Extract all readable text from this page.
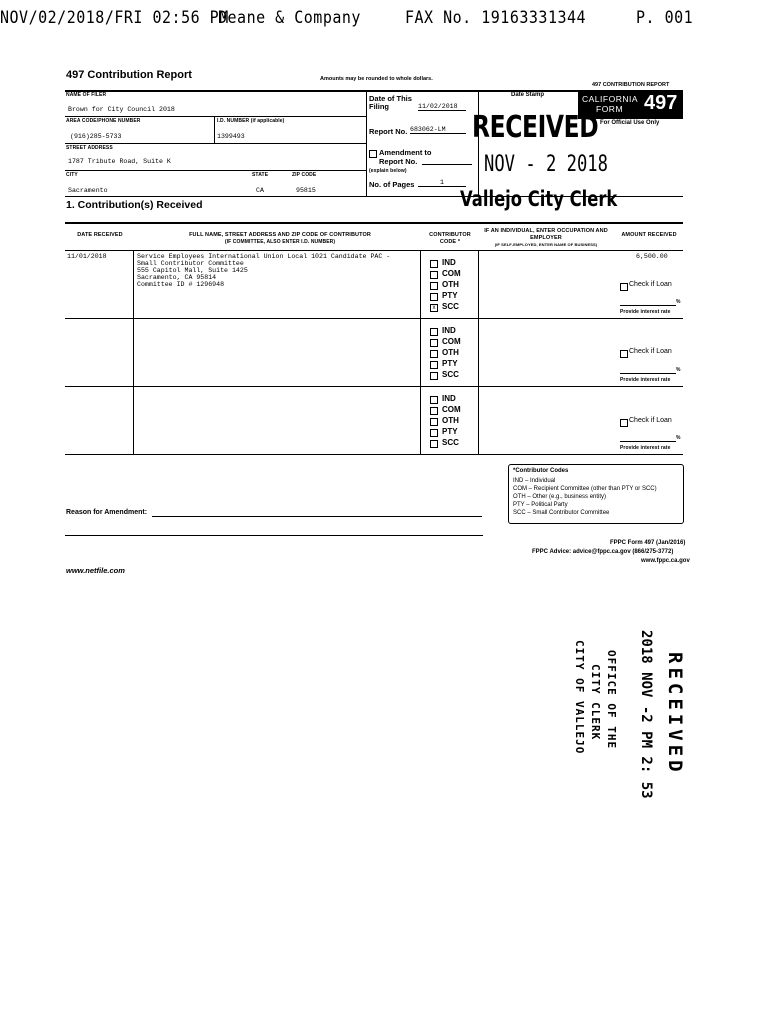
NOV/02/2018/FRI 02:56 PM
Deane & Company	FAX No. 19163331344	P. 001
497 Contribution Report	Amounts may be rounded to whole dollars.
497 CONTRIBUTION REPORT
NAME OF FILER
Brown for City Council 2018
AREA CODE/PHONE NUMBER
(916)285-5733
I.D. NUMBER (if applicable)
1399493
STREET ADDRESS
1787 Tribute Road, Suite K
CITY	STATE	ZIP CODE
Sacramento	CA	95815
Date of This Filing	11/02/2018
Report No. 683062-LM
Amendment to Report No.
(explain below)
No. of Pages	1
Date Stamp	CALIFORNIA
FORM 497
For Official Use Only
RECEIVED
NOV - 2 2018
Vallejo City Clerk
1. Contribution(s) Received
DATE RECEIVED	FULL NAME, STREET ADDRESS AND ZIP CODE OF CONTRIBUTOR
(IF COMMITTEE, ALSO ENTER I.D. NUMBER)
CONTRIBUTOR CODE *
IF AN INDIVIDUAL, ENTER OCCUPATION AND EMPLOYER
(IF SELF-EMPLOYED, ENTER NAME OF BUSINESS)
AMOUNT RECEIVED
11/01/2018	Service Employees International Union Local 1021 Candidate PAC -
Small Contributor Committee
555 Capitol Mall, Suite 1425
Sacramento, CA 95814
Committee ID # 1296948
6,500.00
IND
COM
OTH
PTY
x SCC
Check if Loan
%
Provide interest rate
IND
COM
OTH
PTY
SCC
Check if Loan
%
Provide interest rate
IND
COM
OTH
PTY
SCC
Check if Loan
%
Provide interest rate
*Contributor Codes
IND – Individual
COM – Recipient Committee (other than PTY or SCC)
OTH – Other (e.g., business entity)
PTY – Political Party
SCC – Small Contributor Committee
Reason for Amendment:
FPPC Form 497 (Jan/2016)
FPPC Advice: advice@fppc.ca.gov (866/275-3772)
www.fppc.ca.gov
www.netfile.com
RECEIVED
2018 NOV -2 PM 2: 53
OFFICE OF THE
CITY CLERK
CITY OF VALLEJO
